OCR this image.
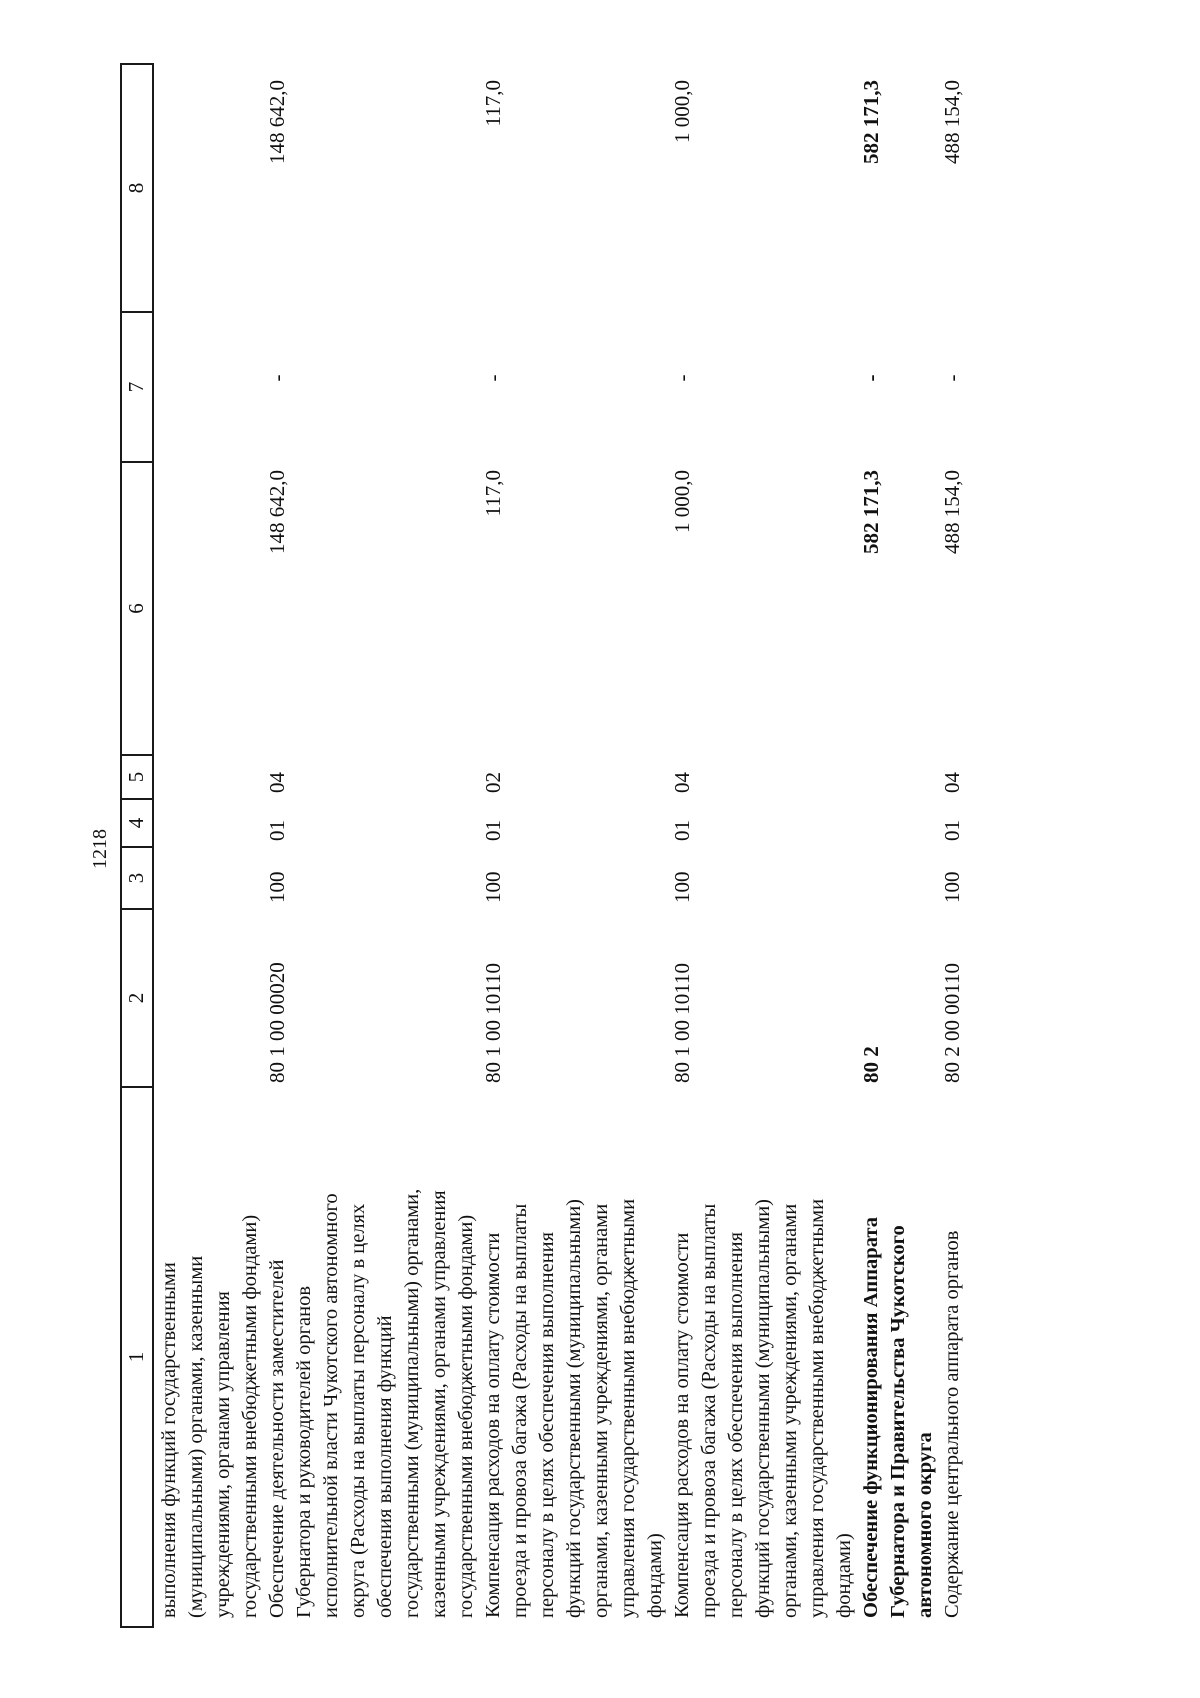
1218
1
2
3
4
5
6
7
8
выполнения функций государственными
(муниципальными) органами, казенными
учреждениями, органами управления
государственными внебюджетными фондами)
Обеспечение деятельности заместителей
Губернатора и руководителей органов
исполнительной власти Чукотского автономного
округа (Расходы на выплаты персоналу в целях
обеспечения выполнения функций
государственными (муниципальными) органами,
казенными учреждениями, органами управления
государственными внебюджетными фондами)
80 1 00 00020
100
01
04
148 642,0
-
148 642,0
Компенсация расходов на оплату стоимости
проезда и провоза багажа (Расходы на выплаты
персоналу в целях обеспечения выполнения
функций государственными (муниципальными)
органами, казенными учреждениями, органами
управления государственными внебюджетными
фондами)
80 1 00 10110
100
01
02
117,0
-
117,0
Компенсация расходов на оплату стоимости
проезда и провоза багажа (Расходы на выплаты
персоналу в целях обеспечения выполнения
функций государственными (муниципальными)
органами, казенными учреждениями, органами
управления государственными внебюджетными
фондами)
80 1 00 10110
100
01
04
1 000,0
-
1 000,0
Обеспечение функционирования Аппарата
Губернатора и Правительства Чукотского
автономного округа
80 2
582 171,3
-
582 171,3
Содержание центрального аппарата органов
80 2 00 00110
100
01
04
488 154,0
-
488 154,0
